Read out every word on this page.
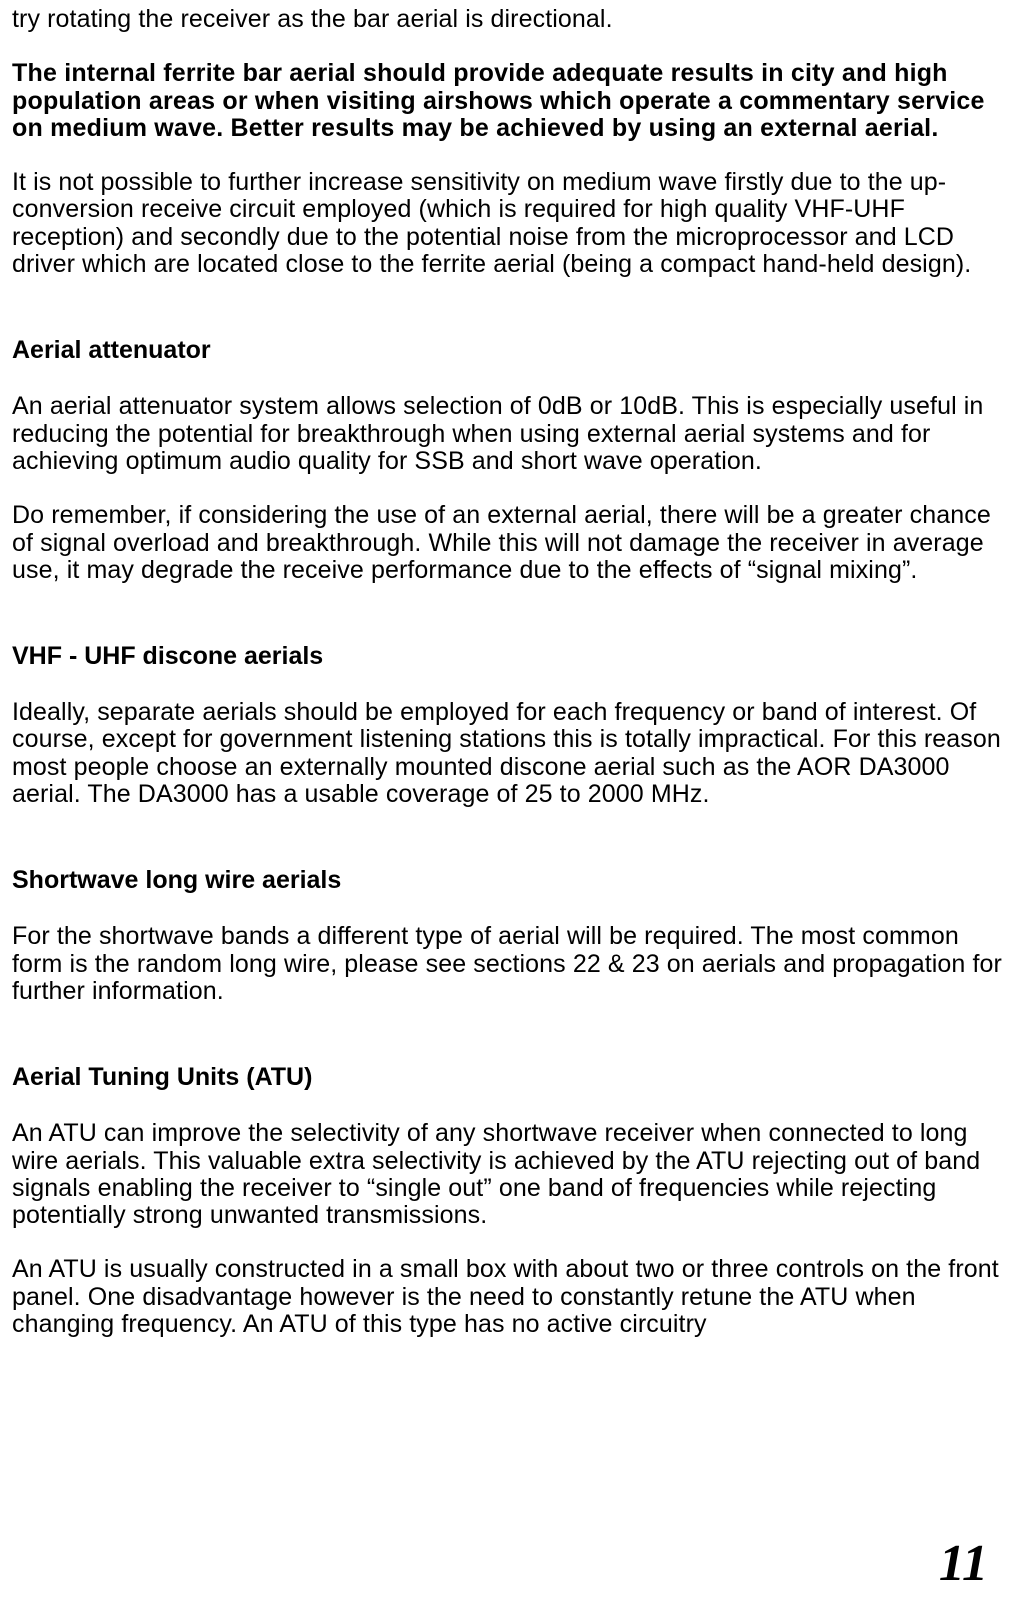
try rotating the receiver as the bar aerial is directional.

The internal ferrite bar aerial should provide adequate results in city and high population areas or when visiting airshows which operate a commentary service on medium wave. Better results may be achieved by using an external aerial.

It is not possible to further increase sensitivity on medium wave firstly due to the up-conversion receive circuit employed (which is required for high quality VHF-UHF reception) and secondly due to the potential noise from the microprocessor and LCD driver which are located close to the ferrite aerial (being a compact hand-held design).

Aerial attenuator

An aerial attenuator system allows selection of 0dB or 10dB. This is especially useful in reducing the potential for breakthrough when using external aerial systems and for achieving optimum audio quality for SSB and short wave operation.

Do remember, if considering the use of an external aerial, there will be a greater chance of signal overload and breakthrough. While this will not damage the receiver in average use, it may degrade the receive performance due to the effects of “signal mixing”.

VHF - UHF discone aerials

Ideally, separate aerials should be employed for each frequency or band of interest. Of course, except for government listening stations this is totally impractical. For this reason most people choose an externally mounted discone aerial such as the AOR DA3000 aerial. The DA3000 has a usable coverage of 25 to 2000 MHz.

Shortwave long wire aerials

For the shortwave bands a different type of aerial will be required. The most common form is the random long wire, please see sections 22 & 23 on aerials and propagation for further information.

Aerial Tuning Units (ATU)

An ATU can improve the selectivity of any shortwave receiver when connected to long wire aerials. This valuable extra selectivity is achieved by the ATU rejecting out of band signals enabling the receiver to “single out” one band of frequencies while rejecting potentially strong unwanted transmissions.

An ATU is usually constructed in a small box with about two or three controls on the front panel. One disadvantage however is the need to constantly retune the ATU when changing frequency. An ATU of this type has no active circuitry

11
